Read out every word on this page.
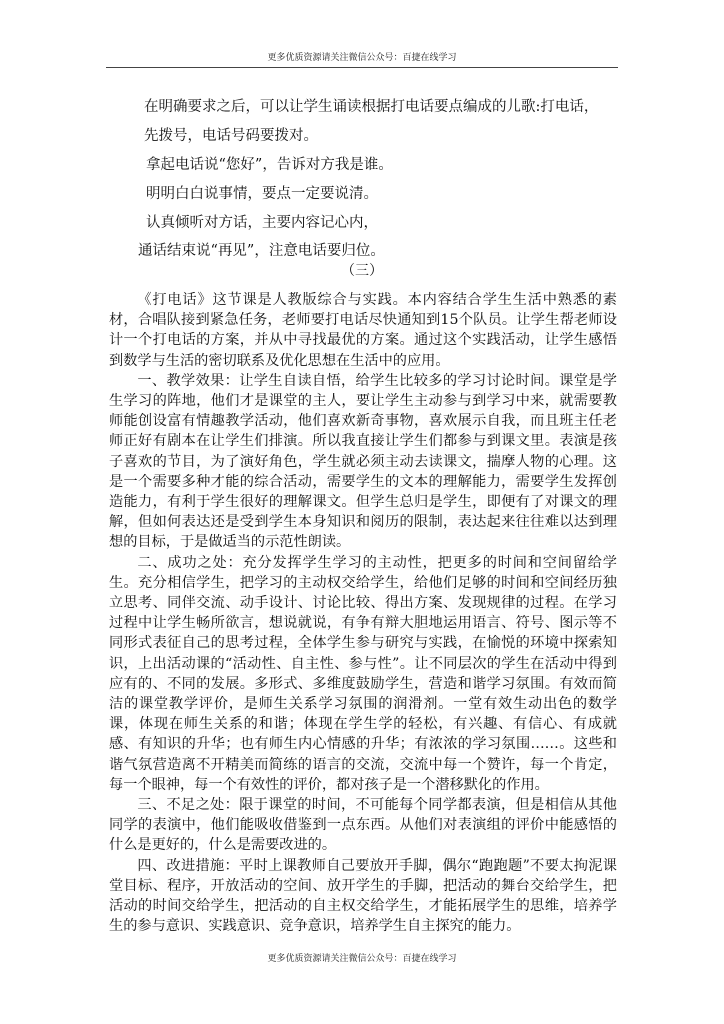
更多优质资源请关注微信公众号：百捷在线学习
在明确要求之后，可以让学生诵读根据打电话要点编成的儿歌:打电话，
先拨号，电话号码要拨对。
拿起电话说“您好”，告诉对方我是谁。
明明白白说事情，要点一定要说清。
认真倾听对方话，主要内容记心内，
通话结束说“再见”，注意电话要归位。
（三）

《打电话》这节课是人教版综合与实践。本内容结合学生生活中熟悉的素材，合唱队接到紧急任务，老师要打电话尽快通知到15个队员。让学生帮老师设计一个打电话的方案，并从中寻找最优的方案。通过这个实践活动，让学生感悟到数学与生活的密切联系及优化思想在生活中的应用。

一、教学效果：让学生自读自悟，给学生比较多的学习讨论时间。课堂是学生学习的阵地，他们才是课堂的主人，要让学生主动参与到学习中来，就需要教师能创设富有情趣教学活动，他们喜欢新奇事物，喜欢展示自我，而且班主任老师正好有剧本在让学生们排演。所以我直接让学生们都参与到课文里。表演是孩子喜欢的节目，为了演好角色，学生就必须主动去读课文，揣摩人物的心理。这是一个需要多种才能的综合活动，需要学生的文本的理解能力，需要学生发挥创造能力，有利于学生很好的理解课文。但学生总归是学生，即便有了对课文的理解，但如何表达还是受到学生本身知识和阅历的限制，表达起来往往难以达到理想的目标，于是做适当的示范性朗读。

二、成功之处：充分发挥学生学习的主动性，把更多的时间和空间留给学生。充分相信学生，把学习的主动权交给学生，给他们足够的时间和空间经历独立思考、同伴交流、动手设计、讨论比较、得出方案、发现规律的过程。在学习过程中让学生畅所欲言，想说就说，有争有辩大胆地运用语言、符号、图示等不同形式表征自己的思考过程，全体学生参与研究与实践，在愉悦的环境中探索知识，上出活动课的“活动性、自主性、参与性”。让不同层次的学生在活动中得到应有的、不同的发展。多形式、多维度鼓励学生，营造和谐学习氛围。有效而简洁的课堂教学评价，是师生关系学习氛围的润滑剂。一堂有效生动出色的数学课，体现在师生关系的和谐；体现在学生学的轻松，有兴趣、有信心、有成就感、有知识的升华；也有师生内心情感的升华；有浓浓的学习氛围……。这些和谐气氛营造离不开精美而简练的语言的交流，交流中每一个赞许，每一个肯定，每一个眼神，每一个有效性的评价，都对孩子是一个潜移默化的作用。

三、不足之处：限于课堂的时间，不可能每个同学都表演，但是相信从其他同学的表演中，他们能吸收借鉴到一点东西。从他们对表演组的评价中能感悟的什么是更好的，什么是需要改进的。

四、改进措施：平时上课教师自己要放开手脚，偶尔“跑跑题”不要太拘泥课堂目标、程序，开放活动的空间、放开学生的手脚，把活动的舞台交给学生，把活动的时间交给学生，把活动的自主权交给学生，才能拓展学生的思维，培养学生的参与意识、实践意识、竞争意识，培养学生自主探究的能力。

更多优质资源请关注微信公众号：百捷在线学习
